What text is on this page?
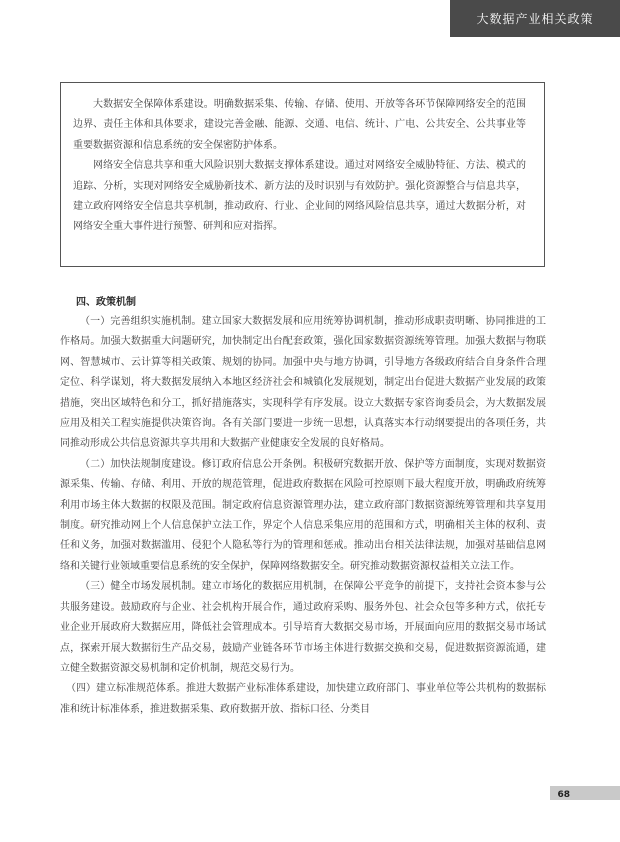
大数据产业相关政策

大数据安全保障体系建设。明确数据采集、传输、存储、使用、开放等各环节保障网络安全的范围边界、责任主体和具体要求，建设完善金融、能源、交通、电信、统计、广电、公共安全、公共事业等重要数据资源和信息系统的安全保密防护体系。

网络安全信息共享和重大风险识别大数据支撑体系建设。通过对网络安全威胁特征、方法、模式的追踪、分析，实现对网络安全威胁新技术、新方法的及时识别与有效防护。强化资源整合与信息共享，建立政府网络安全信息共享机制，推动政府、行业、企业间的网络风险信息共享，通过大数据分析，对网络安全重大事件进行预警、研判和应对指挥。

四、政策机制

（一）完善组织实施机制。建立国家大数据发展和应用统筹协调机制，推动形成职责明晰、协同推进的工作格局。加强大数据重大问题研究，加快制定出台配套政策，强化国家数据资源统筹管理。加强大数据与物联网、智慧城市、云计算等相关政策、规划的协同。加强中央与地方协调，引导地方各级政府结合自身条件合理定位、科学谋划，将大数据发展纳入本地区经济社会和城镇化发展规划，制定出台促进大数据产业发展的政策措施，突出区域特色和分工，抓好措施落实，实现科学有序发展。设立大数据专家咨询委员会，为大数据发展应用及相关工程实施提供决策咨询。各有关部门要进一步统一思想，认真落实本行动纲要提出的各项任务，共同推动形成公共信息资源共享共用和大数据产业健康安全发展的良好格局。

（二）加快法规制度建设。修订政府信息公开条例。积极研究数据开放、保护等方面制度，实现对数据资源采集、传输、存储、利用、开放的规范管理，促进政府数据在风险可控原则下最大程度开放，明确政府统筹利用市场主体大数据的权限及范围。制定政府信息资源管理办法，建立政府部门数据资源统筹管理和共享复用制度。研究推动网上个人信息保护立法工作，界定个人信息采集应用的范围和方式，明确相关主体的权利、责任和义务，加强对数据滥用、侵犯个人隐私等行为的管理和惩戒。推动出台相关法律法规，加强对基础信息网络和关键行业领域重要信息系统的安全保护，保障网络数据安全。研究推动数据资源权益相关立法工作。

（三）健全市场发展机制。建立市场化的数据应用机制，在保障公平竞争的前提下，支持社会资本参与公共服务建设。鼓励政府与企业、社会机构开展合作，通过政府采购、服务外包、社会众包等多种方式，依托专业企业开展政府大数据应用，降低社会管理成本。引导培育大数据交易市场，开展面向应用的数据交易市场试点，探索开展大数据衍生产品交易，鼓励产业链各环节市场主体进行数据交换和交易，促进数据资源流通，建立健全数据资源交易机制和定价机制，规范交易行为。

（四）建立标准规范体系。推进大数据产业标准体系建设，加快建立政府部门、事业单位等公共机构的数据标准和统计标准体系，推进数据采集、政府数据开放、指标口径、分类目

68
